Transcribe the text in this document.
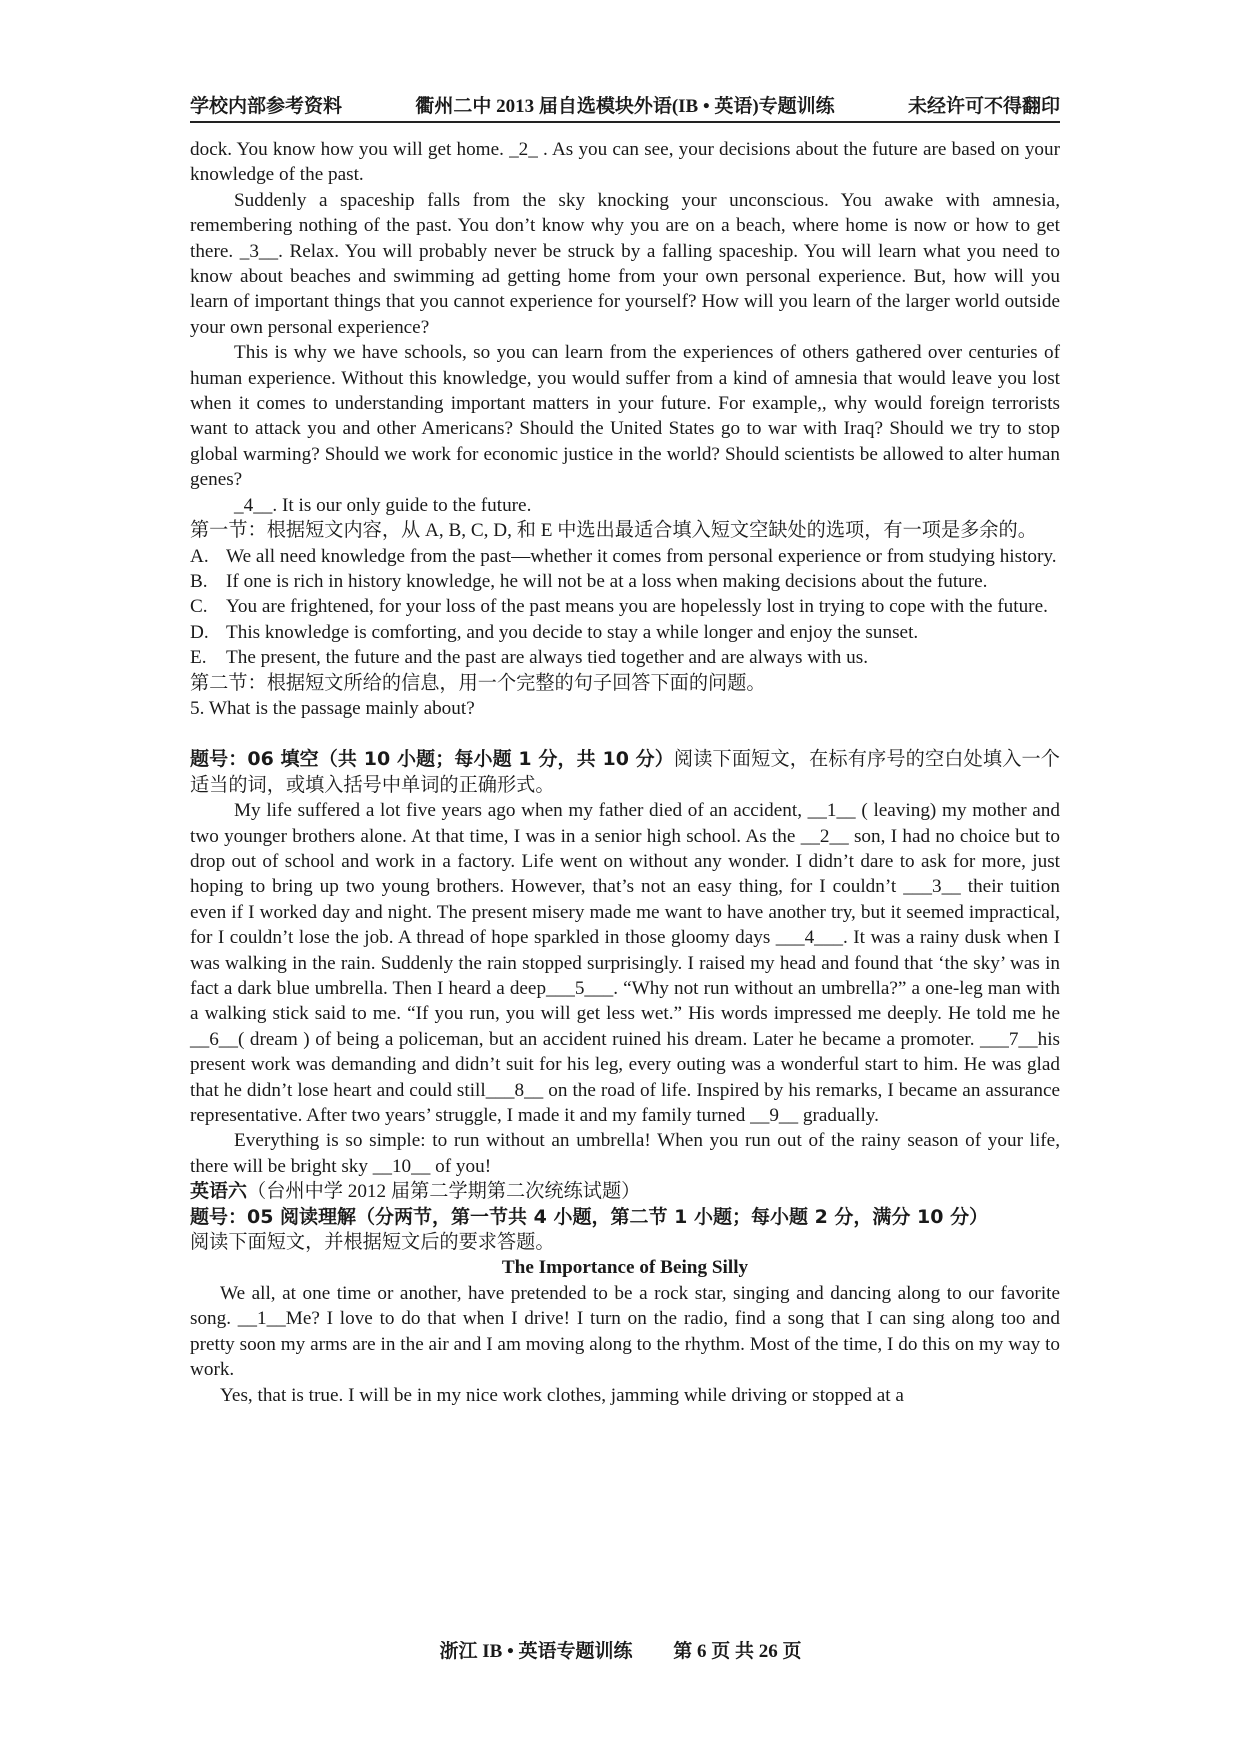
学校内部参考资料	衢州二中 2013 届自选模块外语(IB • 英语)专题训练	未经许可不得翻印

dock. You know how you will get home. _2_ . As you can see, your decisions about the future are based on your knowledge of the past.

Suddenly a spaceship falls from the sky knocking your unconscious. You awake with amnesia, remembering nothing of the past. You don’t know why you are on a beach, where home is now or how to get there. _3__. Relax. You will probably never be struck by a falling spaceship. You will learn what you need to know about beaches and swimming ad getting home from your own personal experience. But, how will you learn of important things that you cannot experience for yourself? How will you learn of the larger world outside your own personal experience?

This is why we have schools, so you can learn from the experiences of others gathered over centuries of human experience. Without this knowledge, you would suffer from a kind of amnesia that would leave you lost when it comes to understanding important matters in your future. For example,, why would foreign terrorists want to attack you and other Americans? Should the United States go to war with Iraq? Should we try to stop global warming? Should we work for economic justice in the world? Should scientists be allowed to alter human genes?

_4__. It is our only guide to the future.

第一节：根据短文内容，从 A, B, C, D, 和 E 中选出最适合填入短文空缺处的选项，有一项是多余的。

A. We all need knowledge from the past—whether it comes from personal experience or from studying history.
B. If one is rich in history knowledge, he will not be at a loss when making decisions about the future.
C. You are frightened, for your loss of the past means you are hopelessly lost in trying to cope with the future.
D. This knowledge is comforting, and you decide to stay a while longer and enjoy the sunset.
E.	The present, the future and the past are always tied together and are always with us.

第二节：根据短文所给的信息，用一个完整的句子回答下面的问题。

5. What is the passage mainly about?

题号：06 填空（共 10 小题；每小题 1 分，共 10 分）阅读下面短文，在标有序号的空白处填入一个适当的词，或填入括号中单词的正确形式。

My life suffered a lot five years ago when my father died of an accident, __1__ ( leaving) my mother and two younger brothers alone. At that time, I was in a senior high school. As the __2__ son, I had no choice but to drop out of school and work in a factory. Life went on without any wonder. I didn’t dare to ask for more, just hoping to bring up two young brothers. However, that’s not an easy thing, for I couldn’t ___3__ their tuition even if I worked day and night. The present misery made me want to have another try, but it seemed impractical, for I couldn’t lose the job. A thread of hope sparkled in those gloomy days ___4___. It was a rainy dusk when I was walking in the rain. Suddenly the rain stopped surprisingly. I raised my head and found that ‘the sky’ was in fact a dark blue umbrella. Then I heard a deep___5___. “Why not run without an umbrella?” a one-leg man with a walking stick said to me. “If you run, you will get less wet.” His words impressed me deeply. He told me he __6__( dream ) of being a policeman, but an accident ruined his dream. Later he became a promoter. ___7__his present work was demanding and didn’t suit for his leg, every outing was a wonderful start to him. He was glad that he didn’t lose heart and could still___8__ on the road of life. Inspired by his remarks, I became an assurance representative. After two years’ struggle, I made it and my family turned __9__ gradually.

Everything is so simple: to run without an umbrella! When you run out of the rainy season of your life, there will be bright sky __10__ of you!

英语六（台州中学 2012 届第二学期第二次统练试题）

题号：05 阅读理解（分两节，第一节共 4 小题，第二节 1 小题；每小题 2 分，满分 10 分）

阅读下面短文，并根据短文后的要求答题。

The Importance of Being Silly

We all, at one time or another, have pretended to be a rock star, singing and dancing along to our favorite song. __1__Me? I love to do that when I drive! I turn on the radio, find a song that I can sing along too and pretty soon my arms are in the air and I am moving along to the rhythm. Most of the time, I do this on my way to work.

Yes, that is true. I will be in my nice work clothes, jamming while driving or stopped at a

浙江 IB • 英语专题训练 第 6 页 共 26 页
